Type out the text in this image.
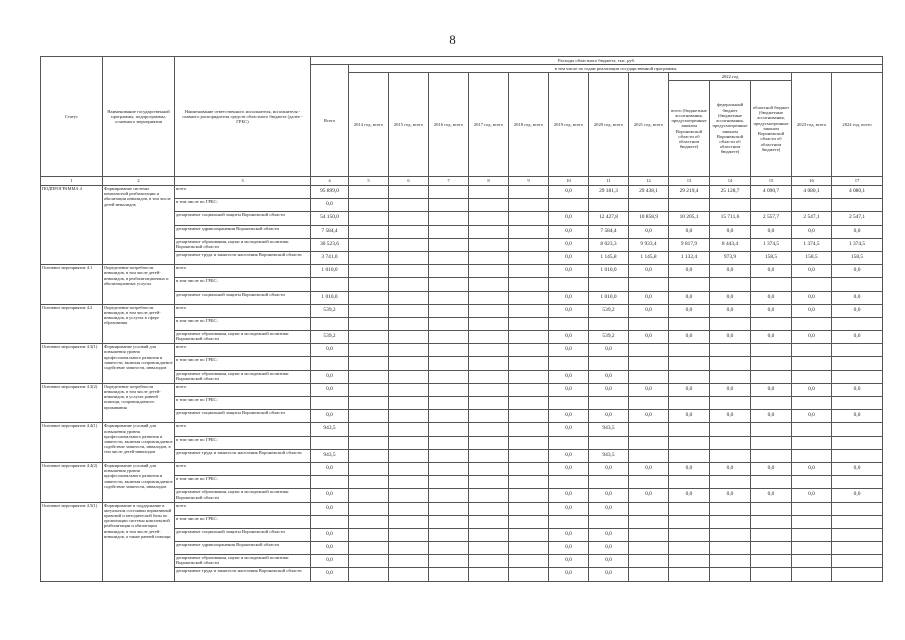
8
Статус	Наименование государственной программы, подпрограммы, основного мероприятия	Наименование ответственного исполнителя, исполнителя - главного распорядителя средств областного бюджета (далее - ГРБС)	Расходы областного бюджета, тыс. руб.													
			Всего	в том числе по годам реализации государственной программы												
				2014 год, всего	2015 год, всего	2016 год, всего	2017 год, всего	2018 год, всего	2019 год, всего	2020 год, всего	2021 год, всего	2022 год			2023 год, всего	2024 год, всего
												всего (бюджетные ассигнования, предусмотренные законом Воронежской области об областном бюджете)	федеральный бюджет (бюджетные ассигнования, предусмотренные законом Воронежской области об областном бюджете)	областной бюджет (бюджетные ассигнования, предусмотренные законом Воронежской области об областном бюджете)		
1	2	3	4	5	6	7	8	9	10	11	12	13	14	15	16	17
ПОДПРОГРАММА 4	Формирование системы комплексной реабилитации и абилитации инвалидов, в том числе детей-инвалидов	всего	95 899,0						0,0	29 181,3	29 438,1	29 219,4	25 128,7	4 090,7	4 080,1	4 080,1
		в том числе по ГРБС:	0,0													
		департамент социальной защиты Воронежской области	54 150,0						0,0	12 427,8	10 858,9	10 205,1	15 711,6	2 557,7	2 547,1	2 547,1
		департамент здравоохранения Воронежской области	7 584,4						0,0	7 584,4	0,0	0,0	0,0	0,0	0,0	0,0
		департамент образования, науки и молодежной политики Воронежской области	30 523,6						0,0	8 023,3	9 933,4	9 817,9	8 443,4	1 374,5	1 374,5	1 374,5
		департамент труда и занятости населения Воронежской области	3 741,0						0,0	1 145,8	1 145,8	1 132,4	973,9	158,5	158,5	158,5
Основное мероприятие 4.1	Определение потребности инвалидов, в том числе детей-инвалидов, в реабилитационных и абилитационных услугах	всего	1 010,0						0,0	1 010,0	0,0	0,0	0,0	0,0	0,0	0,0
		в том числе по ГРБС:														
		департамент социальной защиты Воронежской области	1 010,0						0,0	1 010,0	0,0	0,0	0,0	0,0	0,0	0,0
Основное мероприятие 4.2	Определение потребности инвалидов, в том числе детей-инвалидов, в услугах в сфере образования	всего	539,2						0,0	539,2	0,0	0,0	0,0	0,0	0,0	0,0
		в том числе по ГРБС:														
		департамент образования, науки и молодежной политики Воронежской области	539,2						0,0	539,2	0,0	0,0	0,0	0,0	0,0	0,0
Основное мероприятие 4.3(1)	Формирование условий для повышения уровня профессионального развития и занятости, включая сопровождаемое содействие занятости, инвалидов	всего	0,0						0,0	0,0						
		в том числе по ГРБС:														
		департамент образования, науки и молодежной политики Воронежской области	0,0						0,0	0,0						
Основное мероприятие 4.3(2)	Определение потребности инвалидов, в том числе детей-инвалидов, в услугах ранней помощи, сопровождаемого проживания	всего	0,0						0,0	0,0	0,0	0,0	0,0	0,0	0,0	0,0
		в том числе по ГРБС:														
		департамент социальной защиты Воронежской области	0,0						0,0	0,0	0,0	0,0	0,0	0,0	0,0	0,0
Основное мероприятие 4.4(1)	Формирование условий для повышения уровня профессионального развития и занятости, включая сопровождаемое содействие занятости, инвалидов, в том числе детей-инвалидов	всего	943,5						0,0	943,5						
		в том числе по ГРБС:														
		департамент труда и занятости населения Воронежской области	943,5						0,0	943,5						
Основное мероприятие 4.4(2)	Формирование условий для повышения уровня профессионального развития и занятости, включая сопровождаемое содействие занятости, инвалидов	всего	0,0						0,0	0,0	0,0	0,0	0,0	0,0	0,0	0,0
		в том числе по ГРБС:														
		департамент образования, науки и молодежной политики Воронежской области	0,0						0,0	0,0	0,0	0,0	0,0	0,0	0,0	0,0
Основное мероприятие 4.5(1)	Формирование и поддержание в актуальном состоянии нормативной правовой и методической базы по организации системы комплексной реабилитации и абилитации инвалидов, в том числе детей-инвалидов, а также ранней помощи	всего	0,0						0,0	0,0						
		в том числе по ГРБС:														
		департамент социальной защиты Воронежской области	0,0						0,0	0,0						
		департамент здравоохранения Воронежской области	0,0						0,0	0,0						
		департамент образования, науки и молодежной политики Воронежской области	0,0						0,0	0,0						
		департамент труда и занятости населения Воронежской области	0,0						0,0	0,0						
